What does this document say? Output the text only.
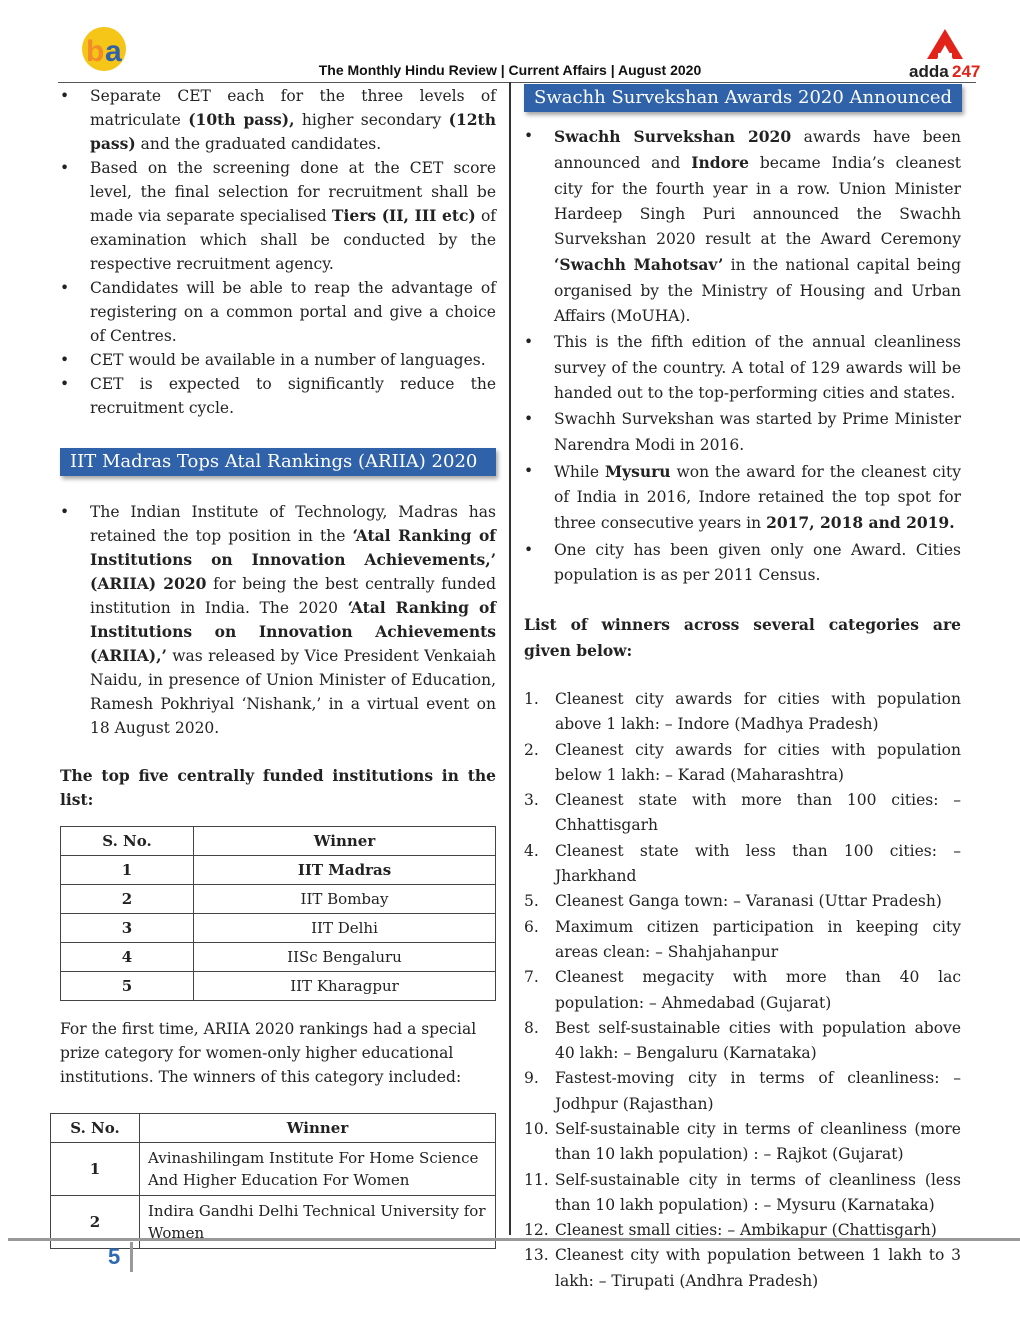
b a
The Monthly Hindu Review | Current Affairs | August 2020	adda 247
• Separate CET each for the three levels of matriculate (10th pass), higher secondary (12th pass) and the graduated candidates.
• Based on the screening done at the CET score level, the final selection for recruitment shall be made via separate specialised Tiers (II, III etc) of examination which shall be conducted by the respective recruitment agency.
• Candidates will be able to reap the advantage of registering on a common portal and give a choice of Centres.
• CET would be available in a number of languages.
• CET is expected to significantly reduce the recruitment cycle.
IIT Madras Tops Atal Rankings (ARIIA) 2020
• The Indian Institute of Technology, Madras has retained the top position in the ‘Atal Ranking of Institutions on Innovation Achievements,’ (ARIIA) 2020 for being the best centrally funded institution in India. The 2020 ‘Atal Ranking of Institutions on Innovation Achievements (ARIIA),’ was released by Vice President Venkaiah Naidu, in presence of Union Minister of Education, Ramesh Pokhriyal ‘Nishank,’ in a virtual event on 18 August 2020.

The top five centrally funded institutions in the list:

S. No.	Winner
1	IIT Madras
2	IIT Bombay
3	IIT Delhi
4	IISc Bengaluru
5	IIT Kharagpur

For the first time, ARIIA 2020 rankings had a special prize category for women-only higher educational institutions. The winners of this category included:

S. No.	Winner
1	Avinashilingam Institute For Home Science And Higher Education For Women
2	Indira Gandhi Delhi Technical University for Women
Swachh Survekshan Awards 2020 Announced
• Swachh Survekshan 2020 awards have been announced and Indore became India’s cleanest city for the fourth year in a row. Union Minister Hardeep Singh Puri announced the Swachh Survekshan 2020 result at the Award Ceremony ‘Swachh Mahotsav’ in the national capital being organised by the Ministry of Housing and Urban Affairs (MoUHA).
• This is the fifth edition of the annual cleanliness survey of the country. A total of 129 awards will be handed out to the top-performing cities and states.
• Swachh Survekshan was started by Prime Minister Narendra Modi in 2016.
• While Mysuru won the award for the cleanest city of India in 2016, Indore retained the top spot for three consecutive years in 2017, 2018 and 2019.
• One city has been given only one Award. Cities population is as per 2011 Census.

List of winners across several categories are given below:

1. Cleanest city awards for cities with population above 1 lakh: – Indore (Madhya Pradesh)
2. Cleanest city awards for cities with population below 1 lakh: – Karad (Maharashtra)
3. Cleanest state with more than 100 cities: – Chhattisgarh
4. Cleanest state with less than 100 cities: – Jharkhand
5. Cleanest Ganga town: – Varanasi (Uttar Pradesh)
6. Maximum citizen participation in keeping city areas clean: – Shahjahanpur
7. Cleanest megacity with more than 40 lac population: – Ahmedabad (Gujarat)
8. Best self-sustainable cities with population above 40 lakh: – Bengaluru (Karnataka)
9. Fastest-moving city in terms of cleanliness: – Jodhpur (Rajasthan)
10. Self-sustainable city in terms of cleanliness (more than 10 lakh population) : – Rajkot (Gujarat)
11. Self-sustainable city in terms of cleanliness (less than 10 lakh population) : – Mysuru (Karnataka)
12. Cleanest small cities: – Ambikapur (Chattisgarh)
13. Cleanest city with population between 1 lakh to 3 lakh: – Tirupati (Andhra Pradesh)
5
